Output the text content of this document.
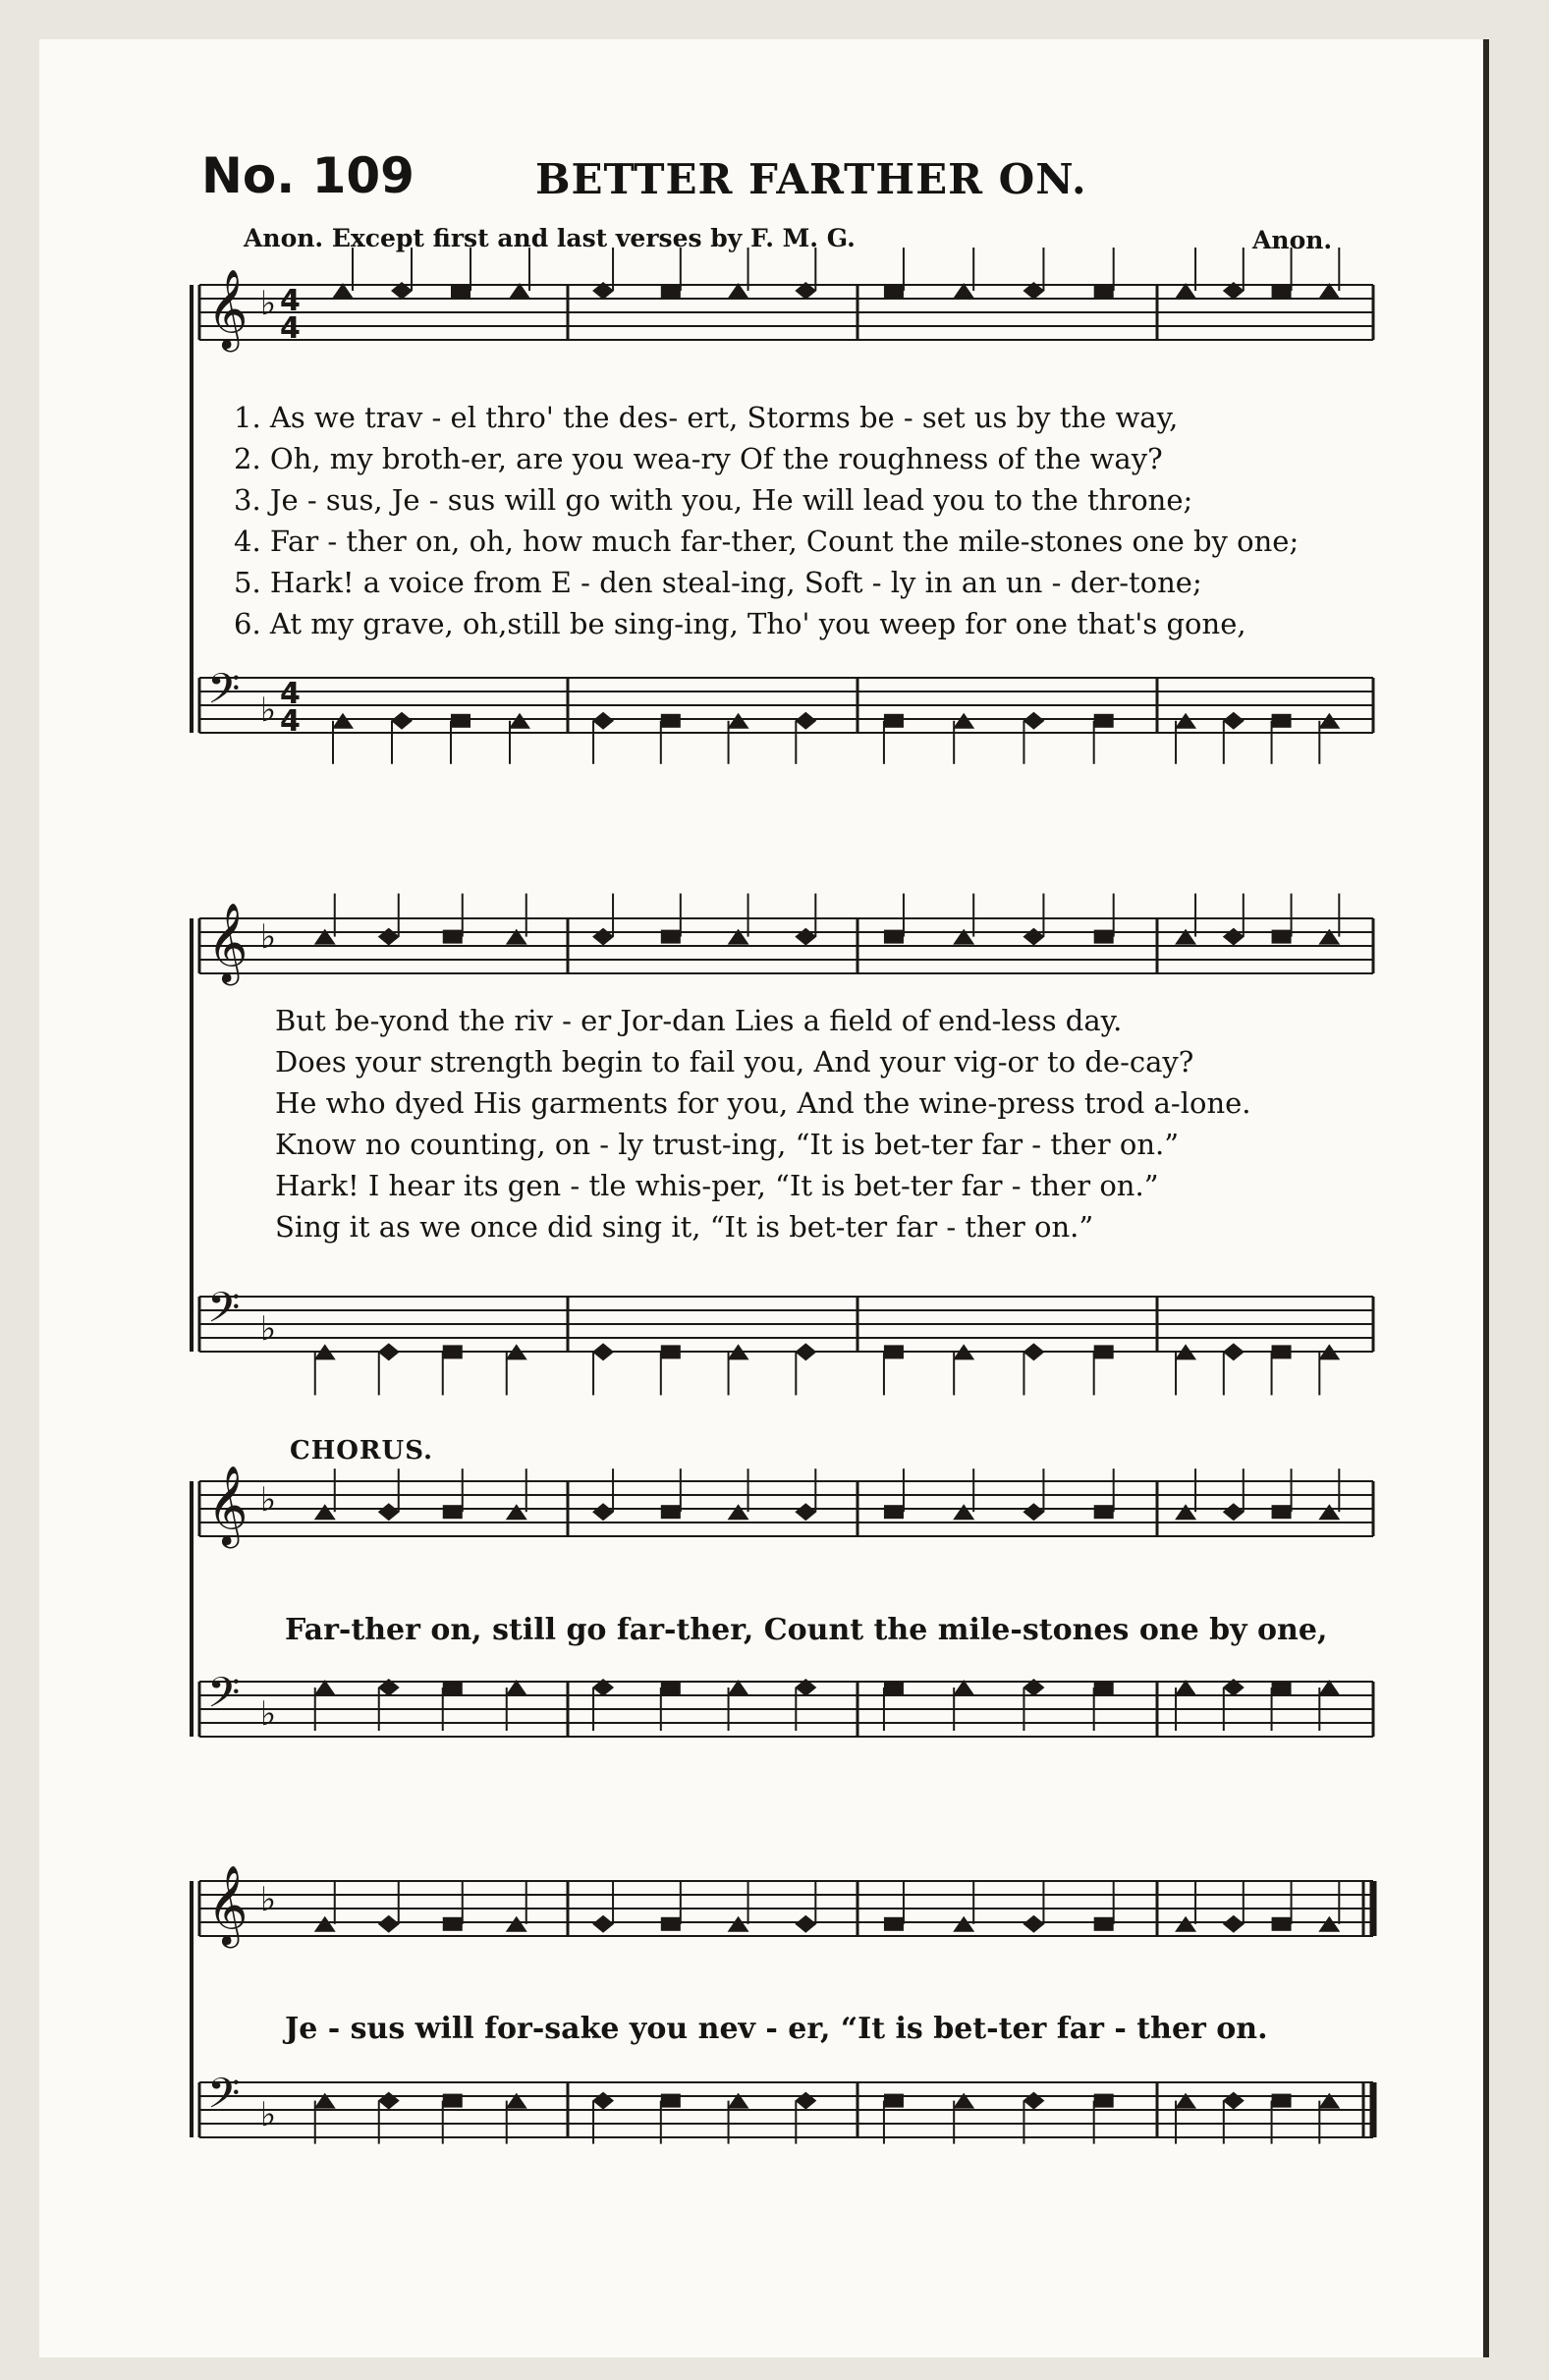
No. 109	BETTER FARTHER ON.
Anon. Except first and last verses by F. M. G.	Anon.
𝄞 ♭ 4
4
𝄢 ♭ 4
4
𝄞 ♭
𝄢 ♭
𝄞 ♭
𝄢 ♭
𝄞 ♭
𝄢 ♭
1. As we trav - el thro' the des- ert, Storms be - set us by the way,
2. Oh, my broth-er, are you wea-ry Of the roughness of the way?
3. Je - sus, Je - sus will go with you, He will lead you to the throne;
4. Far - ther on, oh, how much far-ther, Count the mile-stones one by one;
5. Hark! a voice from E - den steal-ing, Soft - ly in an un - der-tone;
6. At my grave, oh,still be sing-ing, Tho' you weep for one that's gone,
But be-yond the riv - er Jor-dan Lies a field of end-less day.
Does your strength begin to fail you, And your vig-or to de-cay?
He who dyed His garments for you, And the wine-press trod a-lone.
Know no counting, on - ly trust-ing, “It is bet-ter far - ther on.”
Hark! I hear its gen - tle whis-per, “It is bet-ter far - ther on.”
Sing it as we once did sing it, “It is bet-ter far - ther on.”
CHORUS.
Far-ther on, still go far-ther, Count the mile-stones one by one,
Je - sus will for-sake you nev - er, “It is bet-ter far - ther on.
